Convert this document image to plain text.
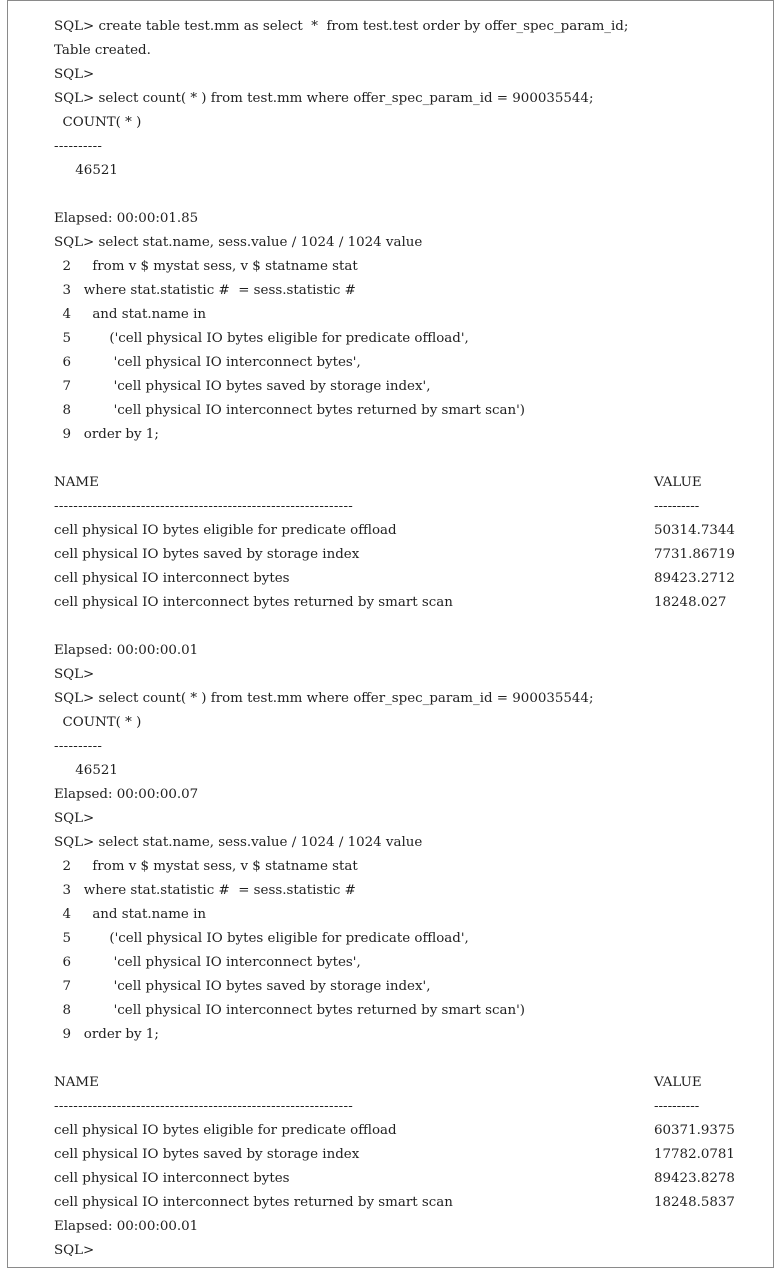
SQL> create table test.mm as select  *  from test.test order by offer_spec_param_id;
Table created.
SQL>
SQL> select count( * ) from test.mm where offer_spec_param_id = 900035544;
COUNT( * )
----------
46521
Elapsed: 00:00:01.85
SQL> select stat.name, sess.value / 1024 / 1024 value
2     from v $ mystat sess, v $ statname stat
3   where stat.statistic #  = sess.statistic #
4     and stat.name in
5         ('cell physical IO bytes eligible for predicate offload',
6          'cell physical IO interconnect bytes',
7          'cell physical IO bytes saved by storage index',
8          'cell physical IO interconnect bytes returned by smart scan')
9   order by 1;
NAME	VALUE
--------------------------------------------------------------	----------
cell physical IO bytes eligible for predicate offload	50314.7344
cell physical IO bytes saved by storage index	7731.86719
cell physical IO interconnect bytes	89423.2712
cell physical IO interconnect bytes returned by smart scan	18248.027
Elapsed: 00:00:00.01
SQL>
SQL> select count( * ) from test.mm where offer_spec_param_id = 900035544;
COUNT( * )
----------
46521
Elapsed: 00:00:00.07
SQL>
SQL> select stat.name, sess.value / 1024 / 1024 value
2     from v $ mystat sess, v $ statname stat
3   where stat.statistic #  = sess.statistic #
4     and stat.name in
5         ('cell physical IO bytes eligible for predicate offload',
6          'cell physical IO interconnect bytes',
7          'cell physical IO bytes saved by storage index',
8          'cell physical IO interconnect bytes returned by smart scan')
9   order by 1;
NAME	VALUE
--------------------------------------------------------------	----------
cell physical IO bytes eligible for predicate offload	60371.9375
cell physical IO bytes saved by storage index	17782.0781
cell physical IO interconnect bytes	89423.8278
cell physical IO interconnect bytes returned by smart scan	18248.5837
Elapsed: 00:00:00.01
SQL>
